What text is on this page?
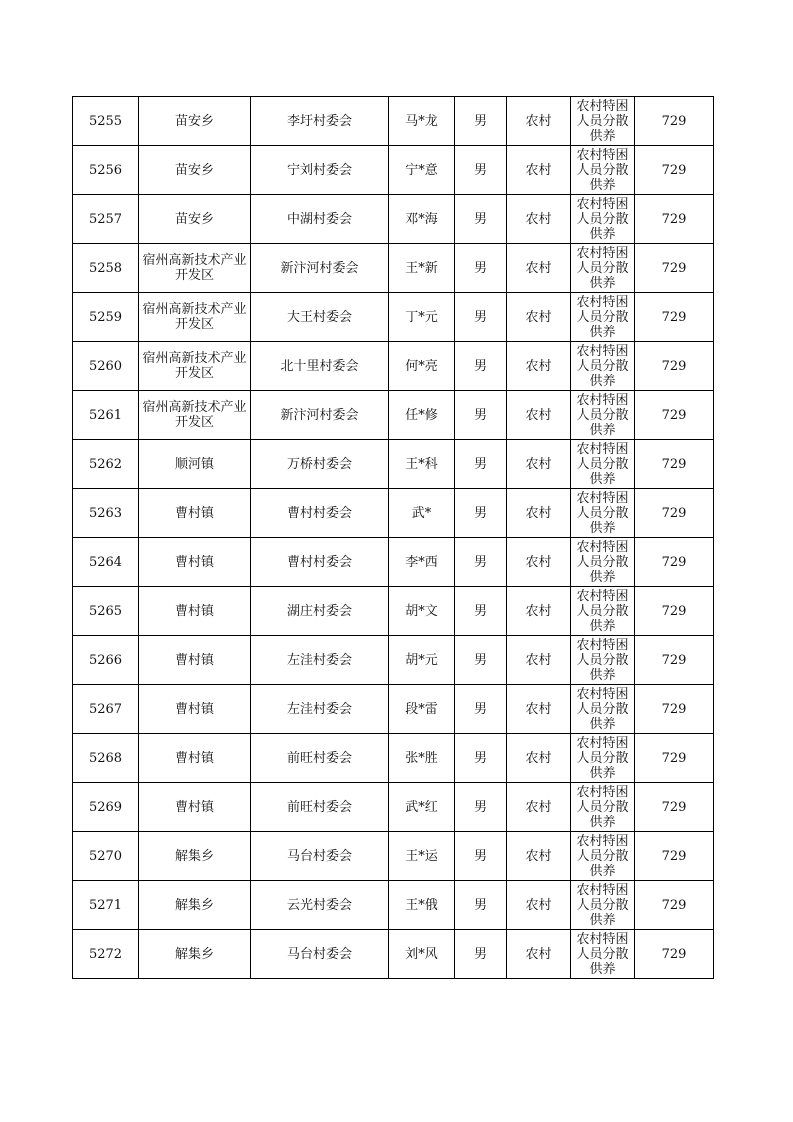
5255	苗安乡	李圩村委会	马*龙	男	农村	农村特困
人员分散
供养	729
5256	苗安乡	宁刘村委会	宁*意	男	农村	农村特困
人员分散
供养	729
5257	苗安乡	中湖村委会	邓*海	男	农村	农村特困
人员分散
供养	729
5258	宿州高新技术产业开发区	新汴河村委会	王*新	男	农村	农村特困
人员分散
供养	729
5259	宿州高新技术产业开发区	大王村委会	丁*元	男	农村	农村特困
人员分散
供养	729
5260	宿州高新技术产业开发区	北十里村委会	何*亮	男	农村	农村特困
人员分散
供养	729
5261	宿州高新技术产业开发区	新汴河村委会	任*修	男	农村	农村特困
人员分散
供养	729
5262	顺河镇	万桥村委会	王*科	男	农村	农村特困
人员分散
供养	729
5263	曹村镇	曹村村委会	武*	男	农村	农村特困
人员分散
供养	729
5264	曹村镇	曹村村委会	李*西	男	农村	农村特困
人员分散
供养	729
5265	曹村镇	湖庄村委会	胡*文	男	农村	农村特困
人员分散
供养	729
5266	曹村镇	左洼村委会	胡*元	男	农村	农村特困
人员分散
供养	729
5267	曹村镇	左洼村委会	段*雷	男	农村	农村特困
人员分散
供养	729
5268	曹村镇	前旺村委会	张*胜	男	农村	农村特困
人员分散
供养	729
5269	曹村镇	前旺村委会	武*红	男	农村	农村特困
人员分散
供养	729
5270	解集乡	马台村委会	王*运	男	农村	农村特困
人员分散
供养	729
5271	解集乡	云光村委会	王*俄	男	农村	农村特困
人员分散
供养	729
5272	解集乡	马台村委会	刘*风	男	农村	农村特困
人员分散
供养	729
